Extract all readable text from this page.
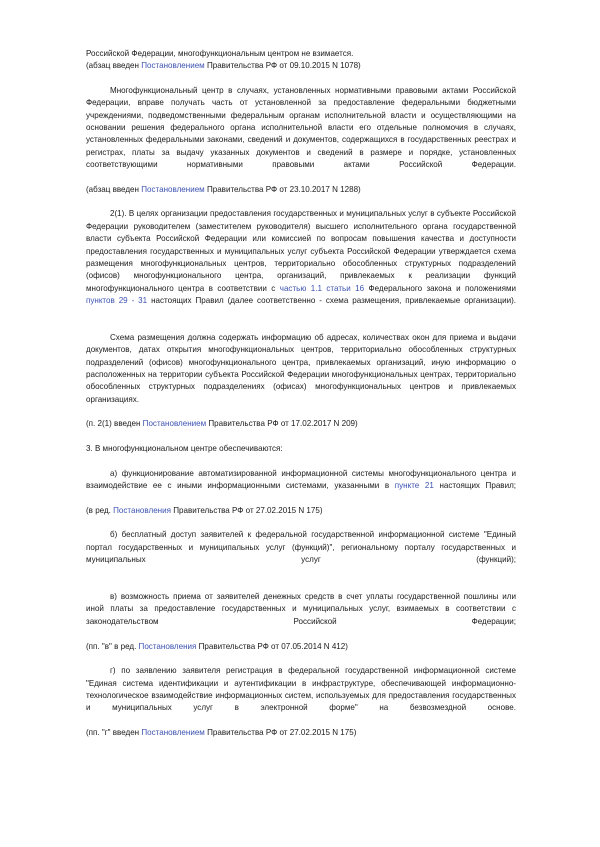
Российской Федерации, многофункциональным центром не взимается.

(абзац введен Постановлением Правительства РФ от 09.10.2015 N 1078)

Многофункциональный центр в случаях, установленных нормативными правовыми актами Российской Федерации, вправе получать часть от установленной за предоставление федеральными бюджетными учреждениями, подведомственными федеральным органам исполнительной власти и осуществляющими на основании решения федерального органа исполнительной власти его отдельные полномочия в случаях, установленных федеральными законами, сведений и документов, содержащихся в государственных реестрах и регистрах, платы за выдачу указанных документов и сведений в размере и порядке, установленных соответствующими нормативными правовыми актами Российской Федерации.

(абзац введен Постановлением Правительства РФ от 23.10.2017 N 1288)

2(1). В целях организации предоставления государственных и муниципальных услуг в субъекте Российской Федерации руководителем (заместителем руководителя) высшего исполнительного органа государственной власти субъекта Российской Федерации или комиссией по вопросам повышения качества и доступности предоставления государственных и муниципальных услуг субъекта Российской Федерации утверждается схема размещения многофункциональных центров, территориально обособленных структурных подразделений (офисов) многофункционального центра, организаций, привлекаемых к реализации функций многофункционального центра в соответствии с частью 1.1 статьи 16 Федерального закона и положениями пунктов 29 - 31 настоящих Правил (далее соответственно - схема размещения, привлекаемые организации).

Схема размещения должна содержать информацию об адресах, количествах окон для приема и выдачи документов, датах открытия многофункциональных центров, территориально обособленных структурных подразделений (офисов) многофункционального центра, привлекаемых организаций, иную информацию о расположенных на территории субъекта Российской Федерации многофункциональных центрах, территориально обособленных структурных подразделениях (офисах) многофункциональных центров и привлекаемых организациях.

(п. 2(1) введен Постановлением Правительства РФ от 17.02.2017 N 209)

3. В многофункциональном центре обеспечиваются:

а) функционирование автоматизированной информационной системы многофункционального центра и взаимодействие ее с иными информационными системами, указанными в пункте 21 настоящих Правил;

(в ред. Постановления Правительства РФ от 27.02.2015 N 175)

б) бесплатный доступ заявителей к федеральной государственной информационной системе "Единый портал государственных и муниципальных услуг (функций)", региональному порталу государственных и муниципальных услуг (функций);

в) возможность приема от заявителей денежных средств в счет уплаты государственной пошлины или иной платы за предоставление государственных и муниципальных услуг, взимаемых в соответствии с законодательством Российской Федерации;

(пп. "в" в ред. Постановления Правительства РФ от 07.05.2014 N 412)

г) по заявлению заявителя регистрация в федеральной государственной информационной системе "Единая система идентификации и аутентификации в инфраструктуре, обеспечивающей информационно-технологическое взаимодействие информационных систем, используемых для предоставления государственных и муниципальных услуг в электронной форме" на безвозмездной основе.

(пп. "г" введен Постановлением Правительства РФ от 27.02.2015 N 175)
